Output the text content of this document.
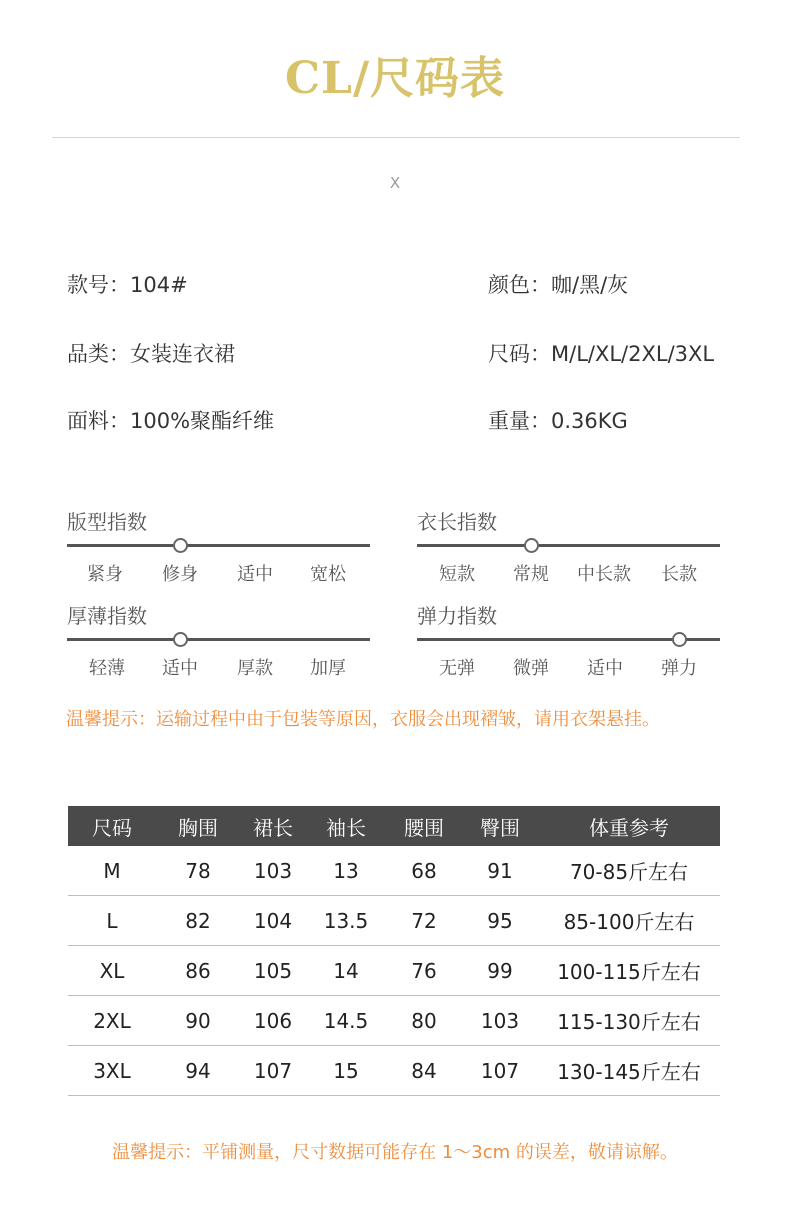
CL/尺码表
X
款号：104#	颜色：咖/黑/灰
品类：女装连衣裙	尺码：M/L/XL/2XL/3XL
面料：100%聚酯纤维	重量：0.36KG
版型指数
紧身 修身 适中 宽松
衣长指数
短款 常规 中长款 长款
厚薄指数
轻薄 适中 厚款 加厚
弹力指数
无弹 微弹 适中 弹力
温馨提示：运输过程中由于包装等原因，衣服会出现褶皱，请用衣架悬挂。
尺码	胸围	裙长	袖长	腰围	臀围	体重参考
M	78	103	13	68	91	70-85斤左右
L	82	104	13.5	72	95	85-100斤左右
XL	86	105	14	76	99	100-115斤左右
2XL	90	106	14.5	80	103	115-130斤左右
3XL	94	107	15	84	107	130-145斤左右
温馨提示：平铺测量，尺寸数据可能存在 1～3cm 的误差，敬请谅解。
